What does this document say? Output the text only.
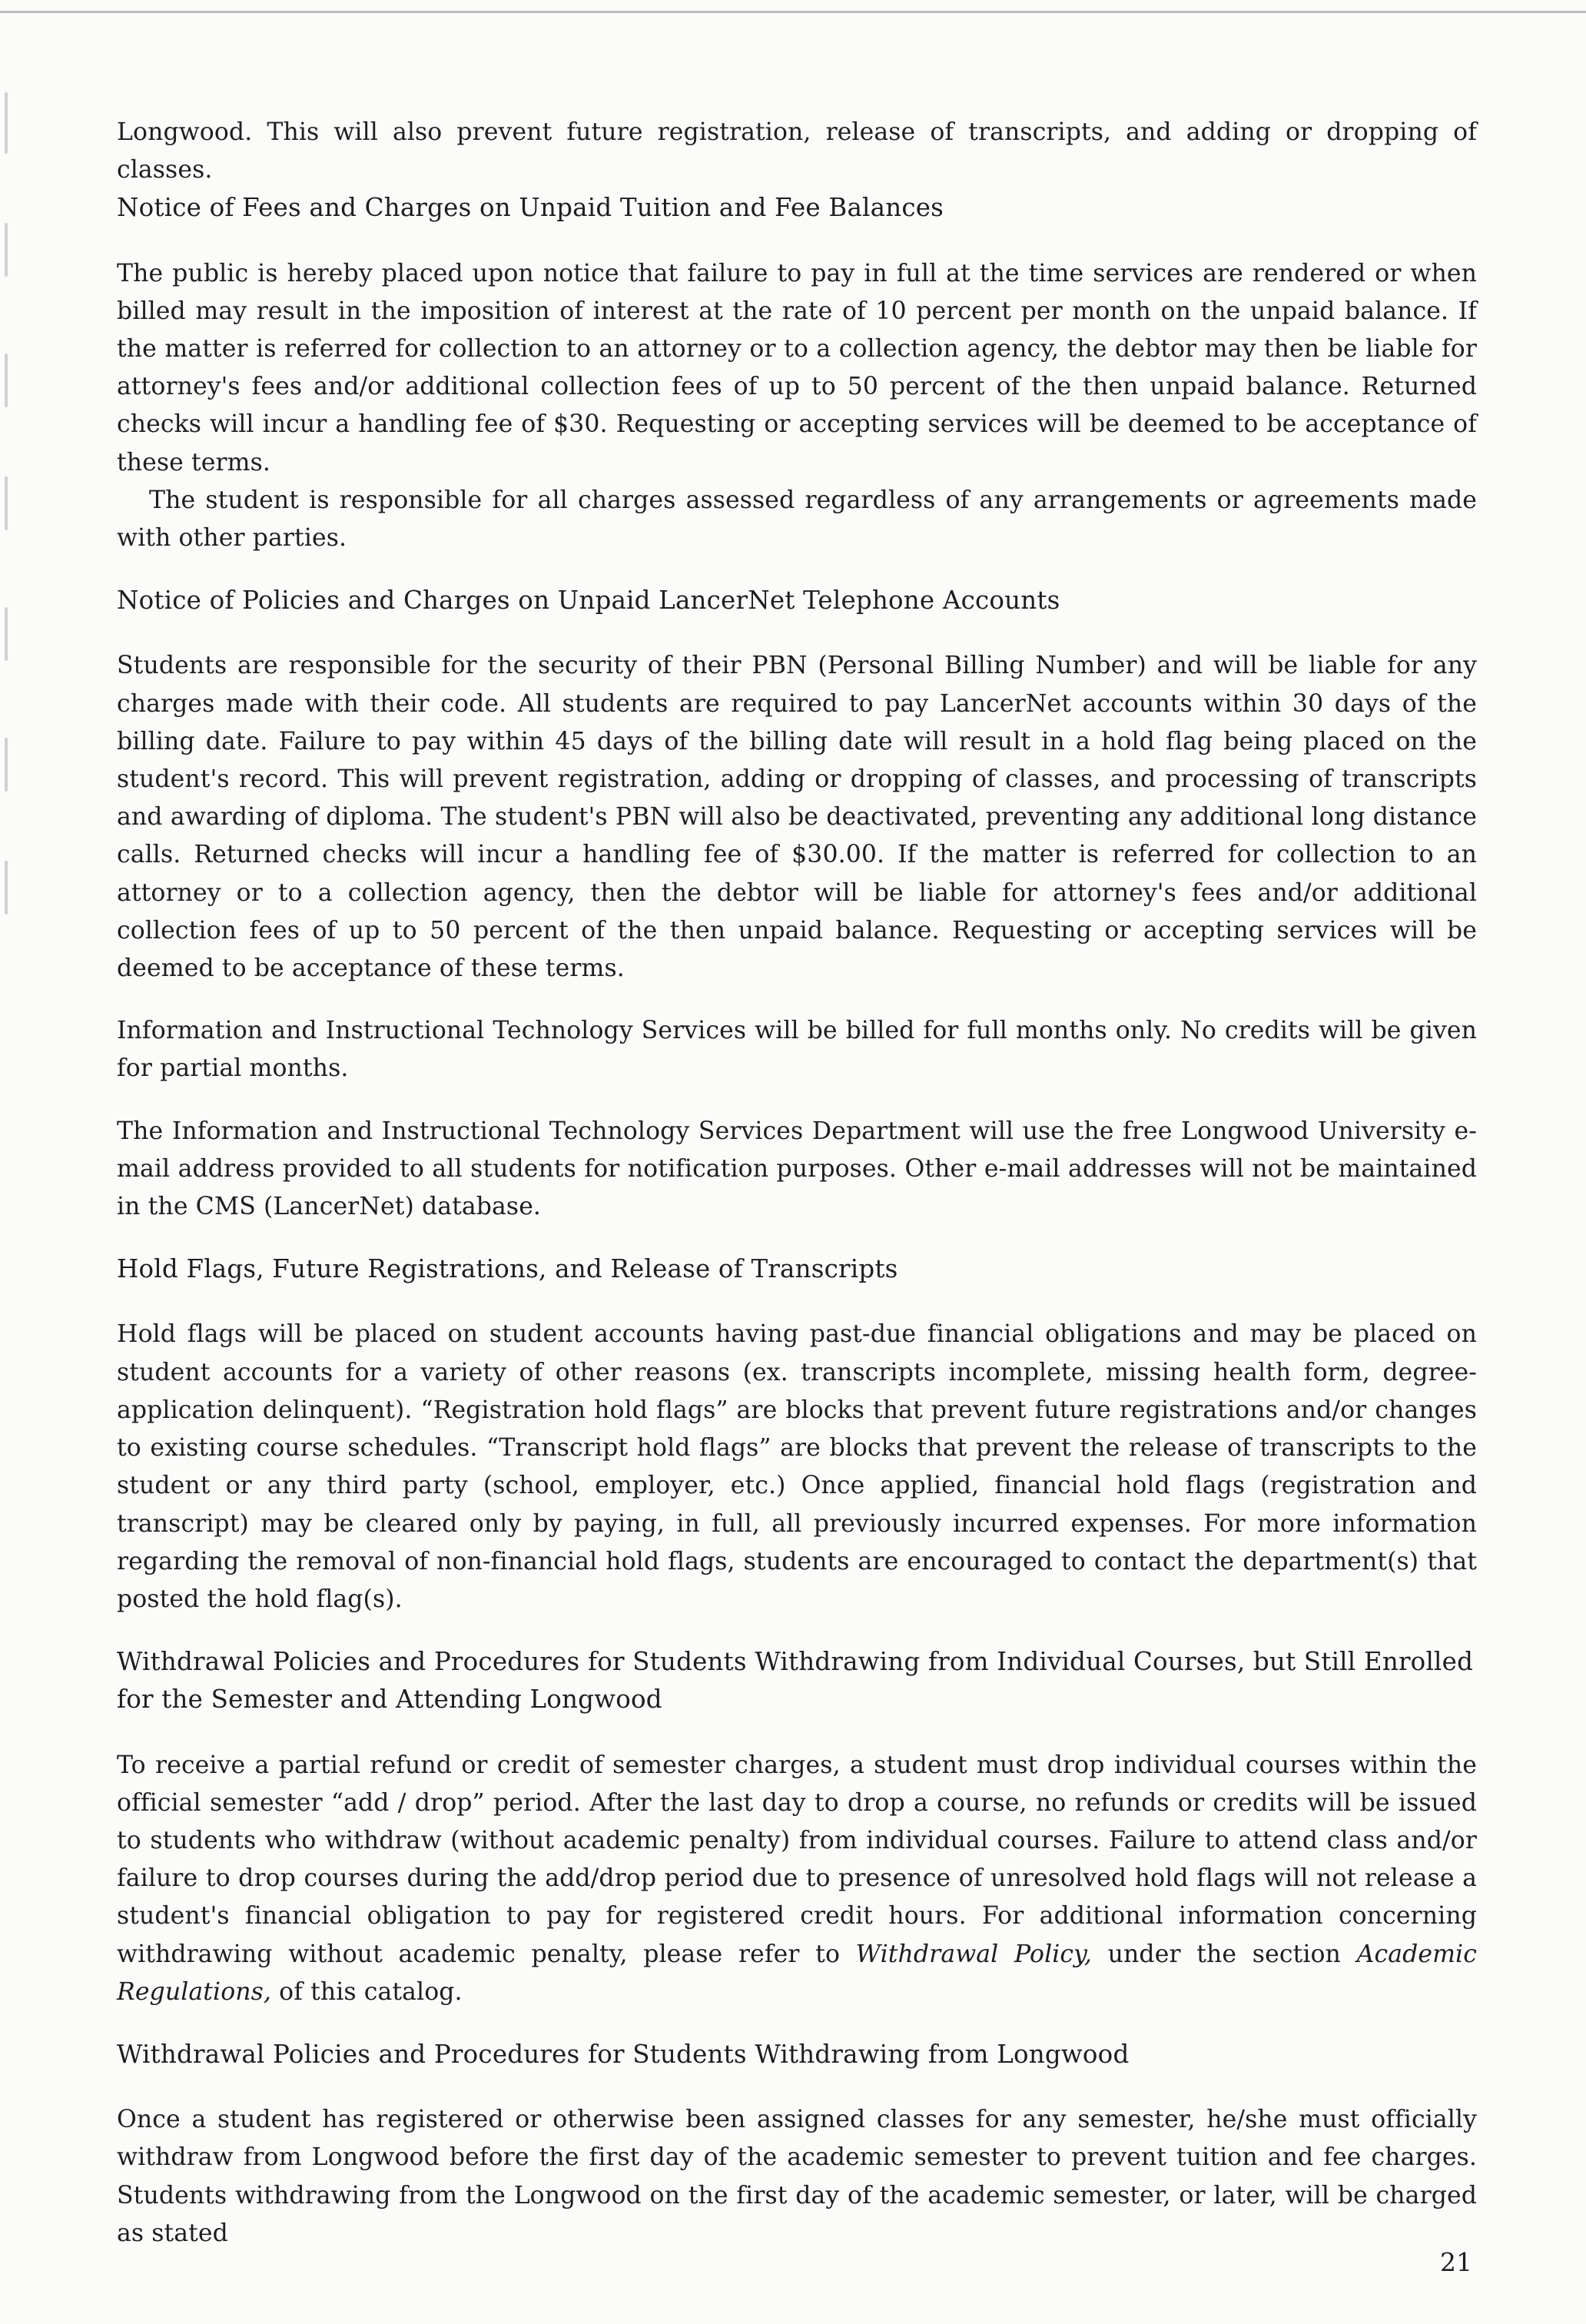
Longwood. This will also prevent future registration, release of transcripts, and adding or dropping of classes.

Notice of Fees and Charges on Unpaid Tuition and Fee Balances

The public is hereby placed upon notice that failure to pay in full at the time services are rendered or when billed may result in the imposition of interest at the rate of 10 percent per month on the unpaid balance. If the matter is referred for collection to an attorney or to a collection agency, the debtor may then be liable for attorney's fees and/or additional collection fees of up to 50 percent of the then unpaid balance. Returned checks will incur a handling fee of $30. Requesting or accepting services will be deemed to be acceptance of these terms.

The student is responsible for all charges assessed regardless of any arrangements or agreements made with other parties.

Notice of Policies and Charges on Unpaid LancerNet Telephone Accounts

Students are responsible for the security of their PBN (Personal Billing Number) and will be liable for any charges made with their code. All students are required to pay LancerNet accounts within 30 days of the billing date. Failure to pay within 45 days of the billing date will result in a hold flag being placed on the student's record. This will prevent registration, adding or dropping of classes, and processing of transcripts and awarding of diploma. The student's PBN will also be deactivated, preventing any additional long distance calls. Returned checks will incur a handling fee of $30.00. If the matter is referred for collection to an attorney or to a collection agency, then the debtor will be liable for attorney's fees and/or additional collection fees of up to 50 percent of the then unpaid balance. Requesting or accepting services will be deemed to be acceptance of these terms.

Information and Instructional Technology Services will be billed for full months only. No credits will be given for partial months.

The Information and Instructional Technology Services Department will use the free Longwood University e-mail address provided to all students for notification purposes. Other e-mail addresses will not be maintained in the CMS (LancerNet) database.

Hold Flags, Future Registrations, and Release of Transcripts

Hold flags will be placed on student accounts having past-due financial obligations and may be placed on student accounts for a variety of other reasons (ex. transcripts incomplete, missing health form, degree-application delinquent). “Registration hold flags” are blocks that prevent future registrations and/or changes to existing course schedules. “Transcript hold flags” are blocks that prevent the release of transcripts to the student or any third party (school, employer, etc.) Once applied, financial hold flags (registration and transcript) may be cleared only by paying, in full, all previously incurred expenses. For more information regarding the removal of non-financial hold flags, students are encouraged to contact the department(s) that posted the hold flag(s).

Withdrawal Policies and Procedures for Students Withdrawing from Individual Courses, but Still Enrolled for the Semester and Attending Longwood

To receive a partial refund or credit of semester charges, a student must drop individual courses within the official semester “add / drop” period. After the last day to drop a course, no refunds or credits will be issued to students who withdraw (without academic penalty) from individual courses. Failure to attend class and/or failure to drop courses during the add/drop period due to presence of unresolved hold flags will not release a student's financial obligation to pay for registered credit hours. For additional information concerning withdrawing without academic penalty, please refer to Withdrawal Policy, under the section Academic Regulations, of this catalog.

Withdrawal Policies and Procedures for Students Withdrawing from Longwood

Once a student has registered or otherwise been assigned classes for any semester, he/she must officially withdraw from Longwood before the first day of the academic semester to prevent tuition and fee charges. Students withdrawing from the Longwood on the first day of the academic semester, or later, will be charged as stated

21
